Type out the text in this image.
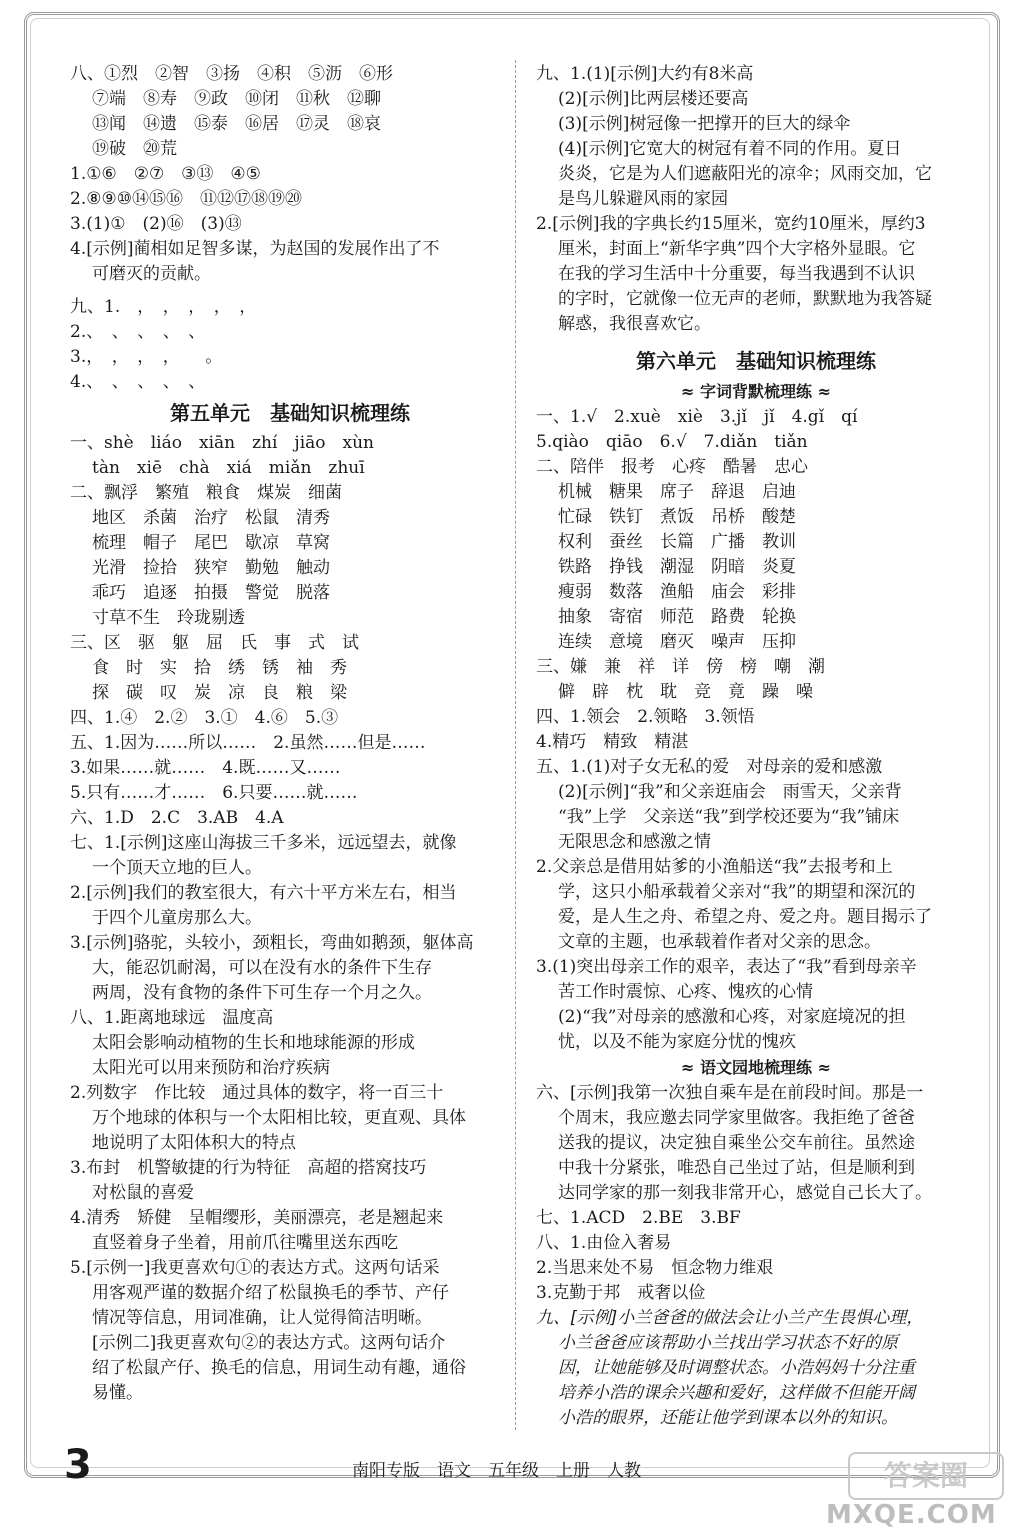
八、①烈　②智　③扬　④积　⑤沥　⑥形
⑦端　⑧寿　⑨政　⑩闭　⑪秋　⑫聊
⑬闻　⑭遗　⑮泰　⑯居　⑰灵　⑱哀
⑲破　⑳荒
1.①⑥　②⑦　③⑬　④⑤
2.⑧⑨⑩⑭⑮⑯　⑪⑫⑰⑱⑲⑳
3.(1)①　(2)⑯　(3)⑬
4.[示例]蔺相如足智多谋，为赵国的发展作出了不
可磨灭的贡献。
九、1.　，　，　，　，　，
2.、　、　、　、　、
3.，　，　，　，　　。
4.、　、　、　、　、
第五单元　基础知识梳理练
一、shè　liáo　xiān　zhí　jiāo　xùn
tàn　xiē　chà　xiá　miǎn　zhuī
二、飘浮　繁殖　粮食　煤炭　细菌
地区　杀菌　治疗　松鼠　清秀
梳理　帽子　尾巴　歇凉　草窝
光滑　捡拾　狭窄　勤勉　触动
乖巧　追逐　拍摄　警觉　脱落
寸草不生　玲珑剔透
三、区　驱　躯　屈　氏　事　式　试
食　时　实　拾　绣　锈　袖　秀
探　碳　叹　炭　凉　良　粮　梁
四、1.④　2.②　3.①　4.⑥　5.③
五、1.因为……所以……　2.虽然……但是……
3.如果……就……　4.既……又……
5.只有……才……　6.只要……就……
六、1.D　2.C　3.AB　4.A
七、1.[示例]这座山海拔三千多米，远远望去，就像
一个顶天立地的巨人。
2.[示例]我们的教室很大，有六十平方米左右，相当
于四个儿童房那么大。
3.[示例]骆驼，头较小，颈粗长，弯曲如鹅颈，躯体高
大，能忍饥耐渴，可以在没有水的条件下生存
两周，没有食物的条件下可生存一个月之久。
八、1.距离地球远　温度高
太阳会影响动植物的生长和地球能源的形成
太阳光可以用来预防和治疗疾病
2.列数字　作比较　通过具体的数字，将一百三十
万个地球的体积与一个太阳相比较，更直观、具体
地说明了太阳体积大的特点
3.布封　机警敏捷的行为特征　高超的搭窝技巧
对松鼠的喜爱
4.清秀　矫健　呈帽缨形，美丽漂亮，老是翘起来
直竖着身子坐着，用前爪往嘴里送东西吃
5.[示例一]我更喜欢句①的表达方式。这两句话采
用客观严谨的数据介绍了松鼠换毛的季节、产仔
情况等信息，用词准确，让人觉得简洁明晰。
[示例二]我更喜欢句②的表达方式。这两句话介
绍了松鼠产仔、换毛的信息，用词生动有趣，通俗
易懂。
九、1.(1)[示例]大约有8米高
(2)[示例]比两层楼还要高
(3)[示例]树冠像一把撑开的巨大的绿伞
(4)[示例]它宽大的树冠有着不同的作用。夏日
炎炎，它是为人们遮蔽阳光的凉伞；风雨交加，它
是鸟儿躲避风雨的家园
2.[示例]我的字典长约15厘米，宽约10厘米，厚约3
厘米，封面上“新华字典”四个大字格外显眼。它
在我的学习生活中十分重要，每当我遇到不认识
的字时，它就像一位无声的老师，默默地为我答疑
解惑，我很喜欢它。
第六单元　基础知识梳理练
≈ 字词背默梳理练 ≈
一、1.√　2.xuè　xiè　3.jǐ　jǐ　4.gǐ　qí
5.qiào　qiāo　6.√　7.diǎn　tiǎn
二、陪伴　报考　心疼　酷暑　忠心
机械　糖果　席子　辞退　启迪
忙碌　铁钉　煮饭　吊桥　酸楚
权利　蚕丝　长篇　广播　教训
铁路　挣钱　潮湿　阴暗　炎夏
瘦弱　数落　渔船　庙会　彩排
抽象　寄宿　师范　路费　轮换
连续　意境　磨灭　噪声　压抑
三、嫌　兼　祥　详　傍　榜　嘲　潮
僻　辟　枕　耽　竞　竟　躁　噪
四、1.领会　2.领略　3.领悟
4.精巧　精致　精湛
五、1.(1)对子女无私的爱　对母亲的爱和感激
(2)[示例]“我”和父亲逛庙会　雨雪天，父亲背
“我”上学　父亲送“我”到学校还要为“我”铺床
无限思念和感激之情
2.父亲总是借用姑爹的小渔船送“我”去报考和上
学，这只小船承载着父亲对“我”的期望和深沉的
爱，是人生之舟、希望之舟、爱之舟。题目揭示了
文章的主题，也承载着作者对父亲的思念。
3.(1)突出母亲工作的艰辛，表达了“我”看到母亲辛
苦工作时震惊、心疼、愧疚的心情
(2)“我”对母亲的感激和心疼，对家庭境况的担
忧，以及不能为家庭分忧的愧疚
≈ 语文园地梳理练 ≈
六、[示例]我第一次独自乘车是在前段时间。那是一
个周末，我应邀去同学家里做客。我拒绝了爸爸
送我的提议，决定独自乘坐公交车前往。虽然途
中我十分紧张，唯恐自己坐过了站，但是顺利到
达同学家的那一刻我非常开心，感觉自己长大了。
七、1.ACD　2.BE　3.BF
八、1.由俭入奢易
2.当思来处不易　恒念物力维艰
3.克勤于邦　戒奢以俭
九、[示例]小兰爸爸的做法会让小兰产生畏惧心理，
小兰爸爸应该帮助小兰找出学习状态不好的原
因，让她能够及时调整状态。小浩妈妈十分注重
培养小浩的课余兴趣和爱好，这样做不但能开阔
小浩的眼界，还能让他学到课本以外的知识。
3	南阳专版　语文　五年级　上册　人教	答案圈
MXQE.COM
